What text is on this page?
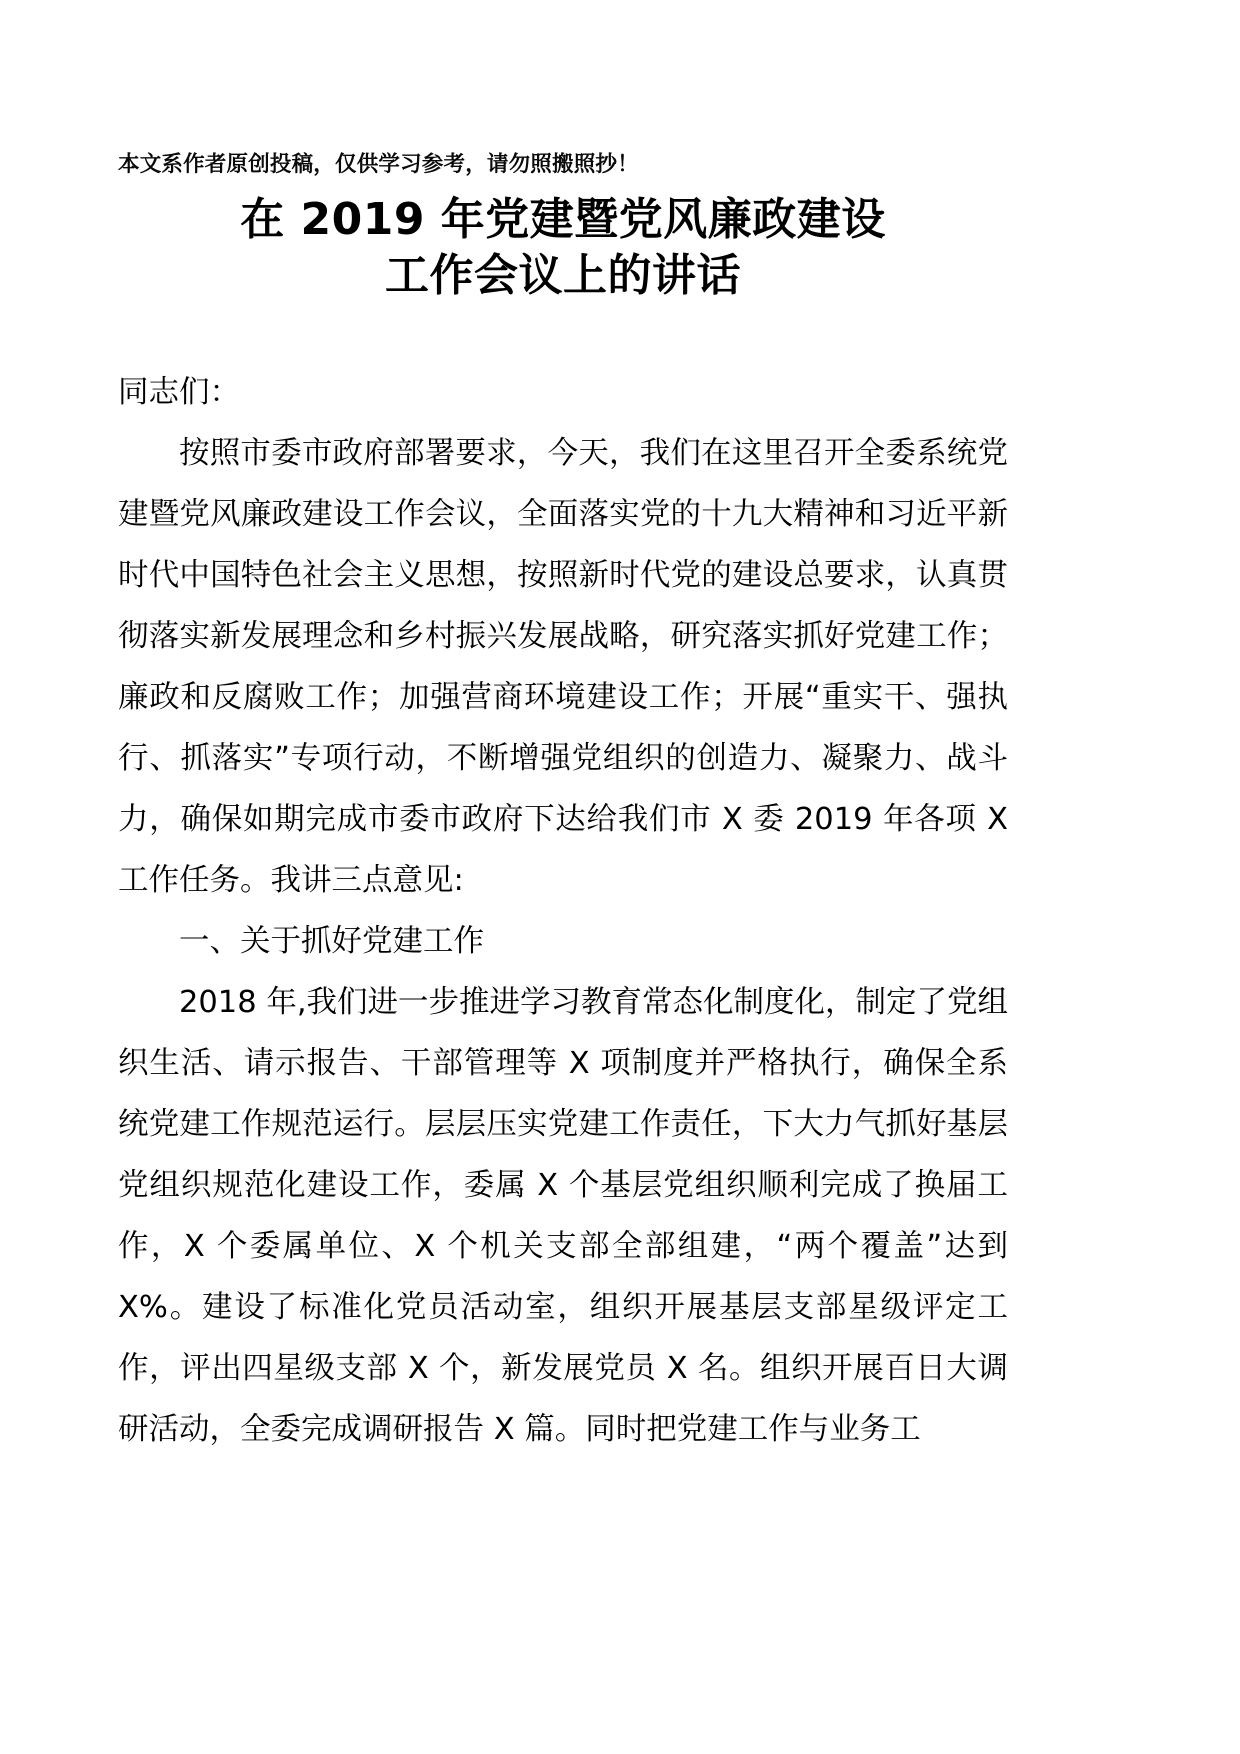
本文系作者原创投稿，仅供学习参考，请勿照搬照抄！

在 2019 年党建暨党风廉政建设
工作会议上的讲话

同志们：

按照市委市政府部署要求，今天，我们在这里召开全委系统党建暨党风廉政建设工作会议，全面落实党的十九大精神和习近平新时代中国特色社会主义思想，按照新时代党的建设总要求，认真贯彻落实新发展理念和乡村振兴发展战略，研究落实抓好党建工作；廉政和反腐败工作；加强营商环境建设工作；开展“重实干、强执行、抓落实”专项行动，不断增强党组织的创造力、凝聚力、战斗力，确保如期完成市委市政府下达给我们市 X 委 2019 年各项 X 工作任务。我讲三点意见:

一、关于抓好党建工作

2018 年,我们进一步推进学习教育常态化制度化，制定了党组织生活、请示报告、干部管理等 X 项制度并严格执行，确保全系统党建工作规范运行。层层压实党建工作责任，下大力气抓好基层党组织规范化建设工作，委属 X 个基层党组织顺利完成了换届工作，X 个委属单位、X 个机关支部全部组建，“两个覆盖”达到 X%。建设了标准化党员活动室，组织开展基层支部星级评定工作，评出四星级支部 X 个，新发展党员 X 名。组织开展百日大调研活动，全委完成调研报告 X 篇。同时把党建工作与业务工
